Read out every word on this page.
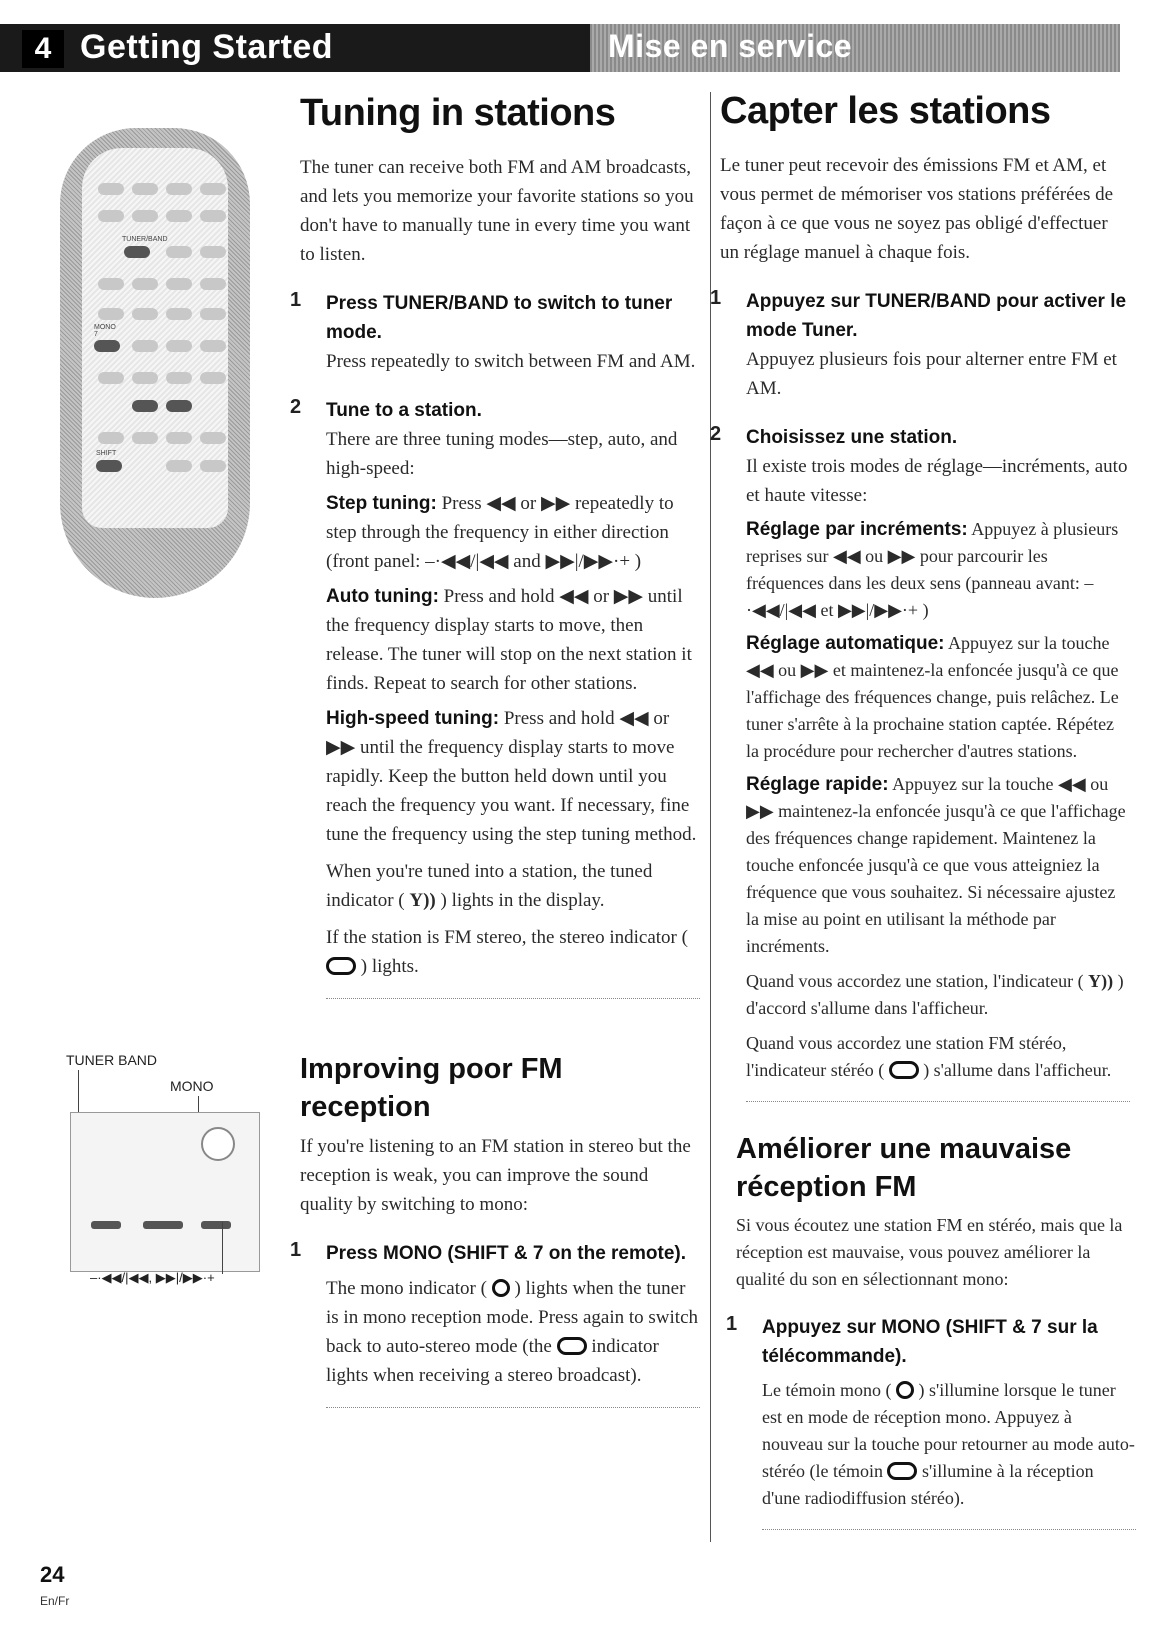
4 Getting Started	Mise en service
TUNER/BAND
MONO 7
SHIFT
TUNER BAND
MONO
–·◀◀/|◀◀, ▶▶|/▶▶·+
Tuning in stations

The tuner can receive both FM and AM broadcasts, and lets you memorize your favorite stations so you don't have to manually tune in every time you want to listen.

1 Press TUNER/BAND to switch to tuner mode.

Press repeatedly to switch between FM and AM.

2 Tune to a station.

There are three tuning modes—step, auto, and high-speed:

Step tuning: Press ◀◀ or ▶▶ repeatedly to step through the frequency in either direction (front panel: –·◀◀/|◀◀ and ▶▶|/▶▶·+ )

Auto tuning: Press and hold ◀◀ or ▶▶ until the frequency display starts to move, then release. The tuner will stop on the next station it finds. Repeat to search for other stations.

High-speed tuning: Press and hold ◀◀ or ▶▶ until the frequency display starts to move rapidly. Keep the button held down until you reach the frequency you want. If necessary, fine tune the frequency using the step tuning method.

When you're tuned into a station, the tuned indicator ( Y)) ) lights in the display.

If the station is FM stereo, the stereo indicator (  ) lights.

Improving poor FM reception

If you're listening to an FM station in stereo but the reception is weak, you can improve the sound quality by switching to mono:

1 Press MONO (SHIFT & 7 on the remote).

The mono indicator ( ) lights when the tuner is in mono reception mode. Press again to switch back to auto-stereo mode (the indicator lights when receiving a stereo broadcast).

Capter les stations

Le tuner peut recevoir des émissions FM et AM, et vous permet de mémoriser vos stations préférées de façon à ce que vous ne soyez pas obligé d'effectuer un réglage manuel à chaque fois.

1 Appuyez sur TUNER/BAND pour activer le mode Tuner.

Appuyez plusieurs fois pour alterner entre FM et AM.

2 Choisissez une station.

Il existe trois modes de réglage—incréments, auto et haute vitesse:

Réglage par incréments: Appuyez à plusieurs reprises sur ◀◀ ou ▶▶ pour parcourir les fréquences dans les deux sens (panneau avant: –·◀◀/|◀◀ et ▶▶|/▶▶·+ )

Réglage automatique: Appuyez sur la touche ◀◀ ou ▶▶ et maintenez-la enfoncée jusqu'à ce que l'affichage des fréquences change, puis relâchez. Le tuner s'arrête à la prochaine station captée. Répétez la procédure pour rechercher d'autres stations.

Réglage rapide: Appuyez sur la touche ◀◀ ou ▶▶ maintenez-la enfoncée jusqu'à ce que l'affichage des fréquences change rapidement. Maintenez la touche enfoncée jusqu'à ce que vous atteigniez la fréquence que vous souhaitez. Si nécessaire ajustez la mise au point en utilisant la méthode par incréments.

Quand vous accordez une station, l'indicateur ( Y)) ) d'accord s'allume dans l'afficheur.

Quand vous accordez une station FM stéréo, l'indicateur stéréo ( ) s'allume dans l'afficheur.

Améliorer une mauvaise réception FM

Si vous écoutez une station FM en stéréo, mais que la réception est mauvaise, vous pouvez améliorer la qualité du son en sélectionnant mono:

1 Appuyez sur MONO (SHIFT & 7 sur la télécommande).

Le témoin mono ( ) s'illumine lorsque le tuner est en mode de réception mono. Appuyez à nouveau sur la touche pour retourner au mode auto-stéréo (le témoin s'illumine à la réception d'une radiodiffusion stéréo).

24
En/Fr
